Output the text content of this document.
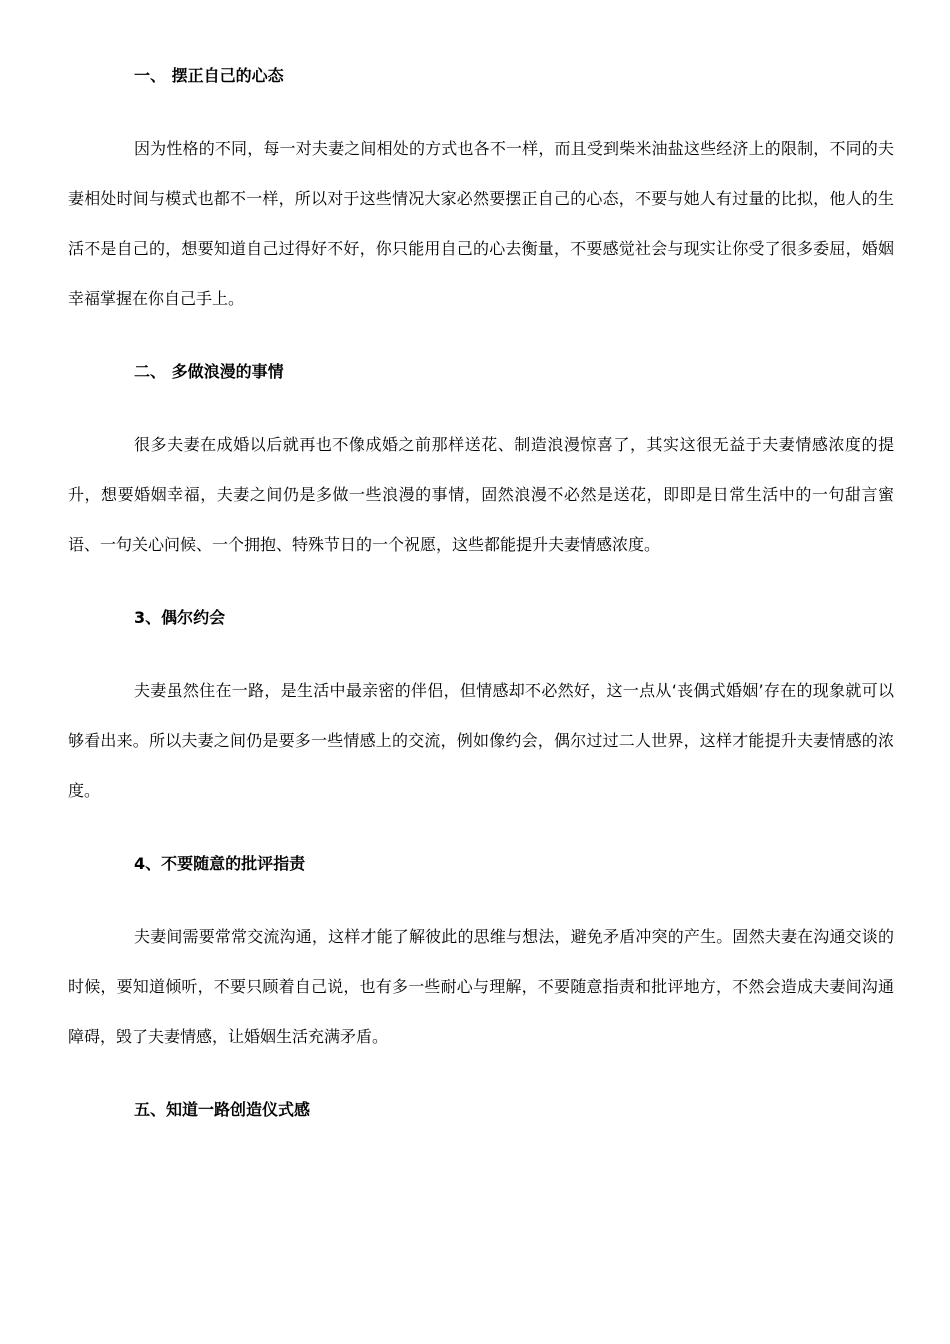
一、 摆正自己的心态

因为性格的不同，每一对夫妻之间相处的方式也各不一样，而且受到柴米油盐这些经济上的限制，不同的夫妻相处时间与模式也都不一样，所以对于这些情况大家必然要摆正自己的心态，不要与她人有过量的比拟，他人的生活不是自己的，想要知道自己过得好不好，你只能用自己的心去衡量，不要感觉社会与现实让你受了很多委屈，婚姻幸福掌握在你自己手上。

二、 多做浪漫的事情

很多夫妻在成婚以后就再也不像成婚之前那样送花、制造浪漫惊喜了，其实这很无益于夫妻情感浓度的提升，想要婚姻幸福，夫妻之间仍是多做一些浪漫的事情，固然浪漫不必然是送花，即即是日常生活中的一句甜言蜜语、一句关心问候、一个拥抱、特殊节日的一个祝愿，这些都能提升夫妻情感浓度。

3、偶尔约会

夫妻虽然住在一路，是生活中最亲密的伴侣，但情感却不必然好，这一点从‘丧偶式婚姻’存在的现象就可以够看出来。所以夫妻之间仍是要多一些情感上的交流，例如像约会，偶尔过过二人世界，这样才能提升夫妻情感的浓度。

4、不要随意的批评指责

夫妻间需要常常交流沟通，这样才能了解彼此的思维与想法，避免矛盾冲突的产生。固然夫妻在沟通交谈的时候，要知道倾听，不要只顾着自己说，也有多一些耐心与理解，不要随意指责和批评地方，不然会造成夫妻间沟通障碍，毁了夫妻情感，让婚姻生活充满矛盾。

五、知道一路创造仪式感
